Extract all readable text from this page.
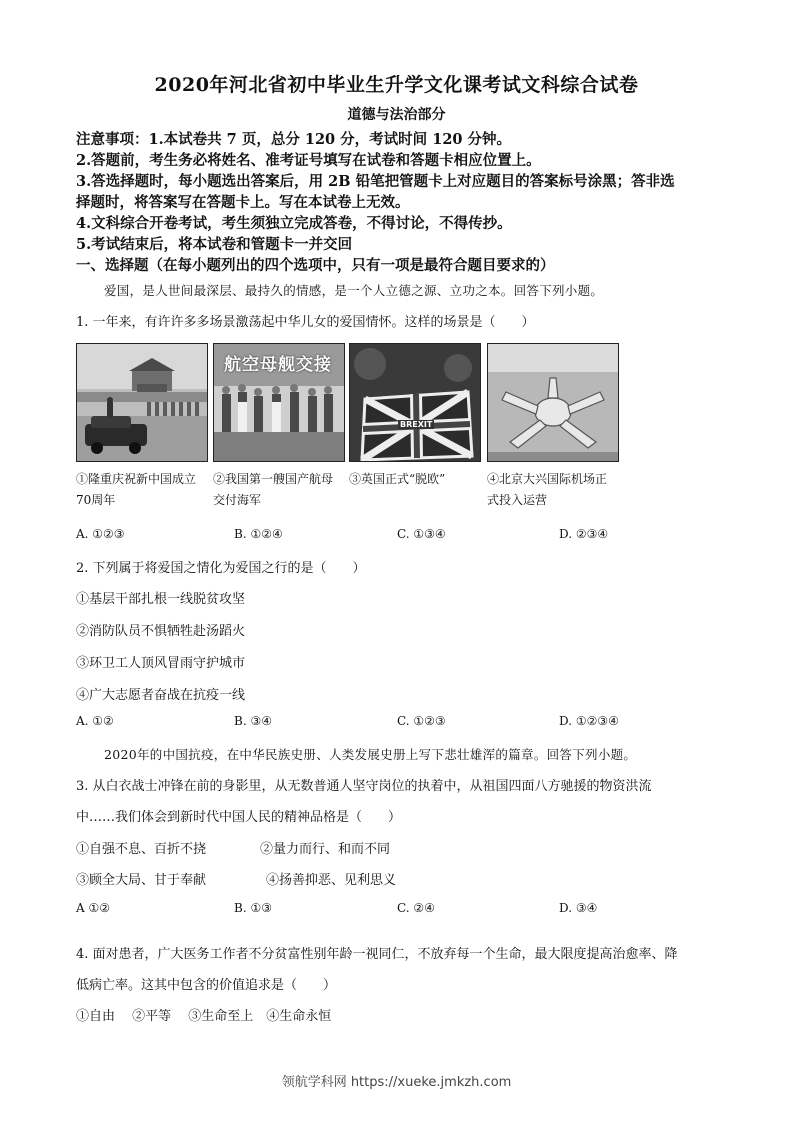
2020年河北省初中毕业生升学文化课考试文科综合试卷
道德与法治部分
注意事项：1.本试卷共 7 页，总分 120 分，考试时间 120 分钟。
2.答题前，考生务必将姓名、准考证号填写在试卷和答题卡相应位置上。
3.答选择题时，每小题选出答案后，用 2B 铅笔把管题卡上对应题目的答案标号涂黑；答非选
择题时，将答案写在答题卡上。写在本试卷上无效。
4.文科综合开卷考试，考生须独立完成答卷，不得讨论，不得传抄。
5.考试结束后，将本试卷和管题卡一并交回
一、选择题（在每小题列出的四个选项中，只有一项是最符合题目要求的）
爱国，是人世间最深层、最持久的情感，是一个人立德之源、立功之本。回答下列小题。
1. 一年来，有许许多多场景激荡起中华儿女的爱国情怀。这样的场景是（　　）
航空母舰交接
BREXIT
①隆重庆祝新中国成立70周年
②我国第一艘国产航母交付海军
③英国正式“脱欧”	④北京大兴国际机场正式投入运营
A. ①②③	B. ①②④	C. ①③④	D. ②③④
2. 下列属于将爱国之情化为爱国之行的是（　　）
①基层干部扎根一线脱贫攻坚
②消防队员不惧牺牲赴汤蹈火
③环卫工人顶风冒雨守护城市
④广大志愿者奋战在抗疫一线
A. ①②	B. ③④	C. ①②③	D. ①②③④
2020年的中国抗疫，在中华民族史册、人类发展史册上写下悲壮雄浑的篇章。回答下列小题。
3. 从白衣战士冲锋在前的身影里，从无数普通人坚守岗位的执着中，从祖国四面八方驰援的物资洪流
中……我们体会到新时代中国人民的精神品格是（　　）
①自强不息、百折不挠	②量力而行、和而不同
③顾全大局、甘于奉献	④扬善抑恶、见利思义
A ①②	B. ①③	C. ②④	D. ③④
4. 面对患者，广大医务工作者不分贫富性别年龄一视同仁，不放弃每一个生命，最大限度提高治愈率、降
低病亡率。这其中包含的价值追求是（　　）
①自由　 ②平等　 ③生命至上　④生命永恒
领航学科网 https://xueke.jmkzh.com
